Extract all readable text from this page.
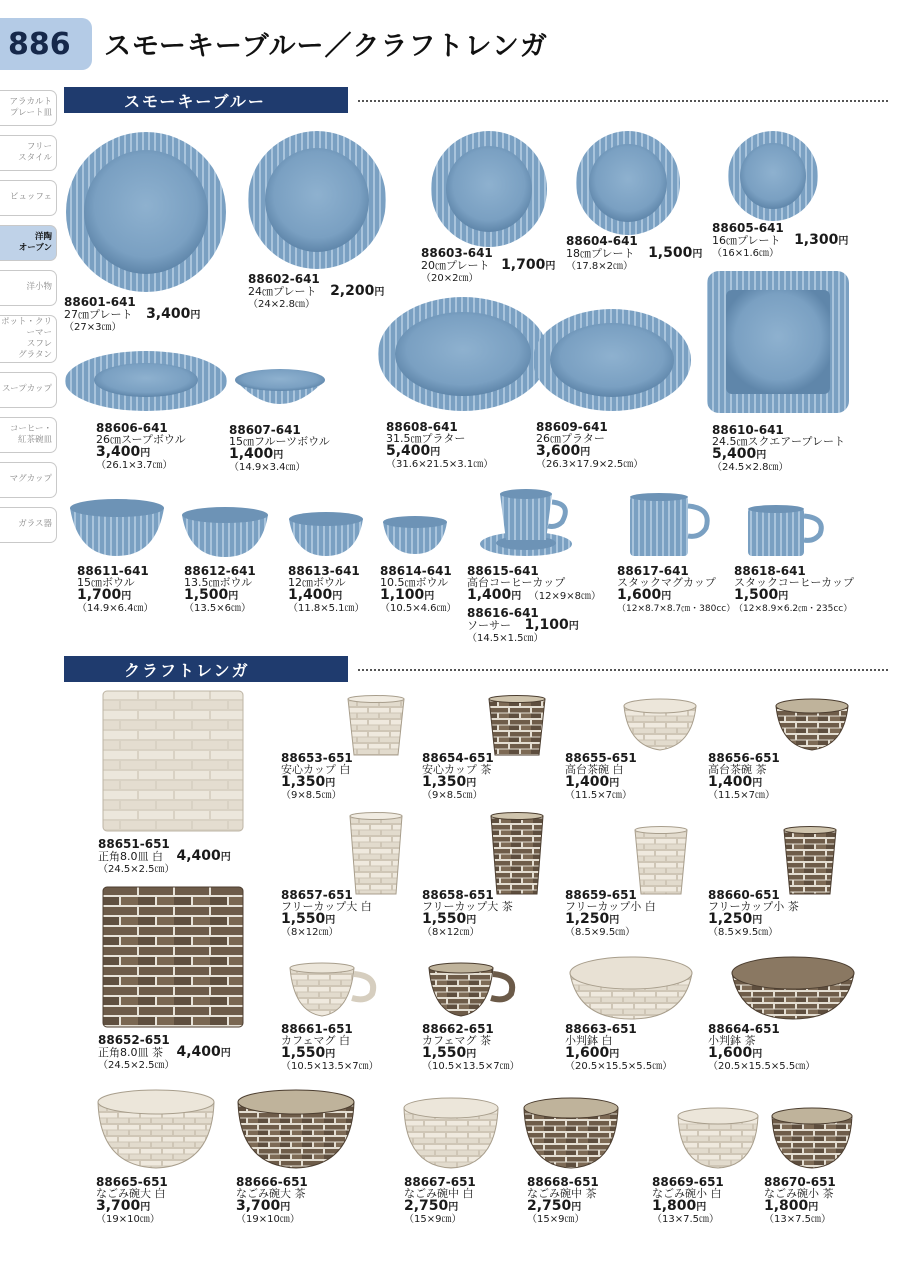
886	スモーキーブルー／クラフトレンガ
アラカルト
プレート皿
フリー
スタイル
ビュッフェ
洋陶
オーブン
洋小物
ポット・クリーマー
スフレ
グラタン
スープカップ
コーヒー・
紅茶碗皿
マグカップ
ガラス器
スモーキーブルー
88601-641
27㎝プレート 3,400円
（27×3㎝）
88602-641
24㎝プレート 2,200円
（24×2.8㎝）
88603-641
20㎝プレート 1,700円
（20×2㎝）
88604-641
18㎝プレート 1,500円
（17.8×2㎝）
88605-641
16㎝プレート 1,300円
（16×1.6㎝）
88606-641
26㎝スープボウル
3,400円
（26.1×3.7㎝）
88607-641
15㎝フルーツボウル
1,400円
（14.9×3.4㎝）
88608-641
31.5㎝プラター
5,400円
（31.6×21.5×3.1㎝）
88609-641
26㎝プラター
3,600円
（26.3×17.9×2.5㎝）
88610-641
24.5㎝スクエアープレート
5,400円
（24.5×2.8㎝）
88611-641
15㎝ボウル
1,700円
（14.9×6.4㎝）
88612-641
13.5㎝ボウル
1,500円
（13.5×6㎝）
88613-641
12㎝ボウル
1,400円
（11.8×5.1㎝）
88614-641
10.5㎝ボウル
1,100円
（10.5×4.6㎝）
88615-641
高台コーヒーカップ
1,400円 （12×9×8㎝）
88616-641
ソーサー 1,100円
（14.5×1.5㎝）
88617-641
スタックマグカップ
1,600円
（12×8.7×8.7㎝・380cc）
88618-641
スタックコーヒーカップ
1,500円
（12×8.9×6.2㎝・235cc）
クラフトレンガ
88651-651
正角8.0皿 白 4,400円
（24.5×2.5㎝）
88652-651
正角8.0皿 茶 4,400円
（24.5×2.5㎝）
88653-651
安心カップ 白
1,350円
（9×8.5㎝）
88654-651
安心カップ 茶
1,350円
（9×8.5㎝）
88655-651
高台茶碗 白
1,400円
（11.5×7㎝）
88656-651
高台茶碗 茶
1,400円
（11.5×7㎝）
88657-651
フリーカップ大 白
1,550円
（8×12㎝）
88658-651
フリーカップ大 茶
1,550円
（8×12㎝）
88659-651
フリーカップ小 白
1,250円
（8.5×9.5㎝）
88660-651
フリーカップ小 茶
1,250円
（8.5×9.5㎝）
88661-651
カフェマグ 白
1,550円
（10.5×13.5×7㎝）
88662-651
カフェマグ 茶
1,550円
（10.5×13.5×7㎝）
88663-651
小判鉢 白
1,600円
（20.5×15.5×5.5㎝）
88664-651
小判鉢 茶
1,600円
（20.5×15.5×5.5㎝）
88665-651
なごみ碗大 白
3,700円
（19×10㎝）
88666-651
なごみ碗大 茶
3,700円
（19×10㎝）
88667-651
なごみ碗中 白
2,750円
（15×9㎝）
88668-651
なごみ碗中 茶
2,750円
（15×9㎝）
88669-651
なごみ碗小 白
1,800円
（13×7.5㎝）
88670-651
なごみ碗小 茶
1,800円
（13×7.5㎝）
